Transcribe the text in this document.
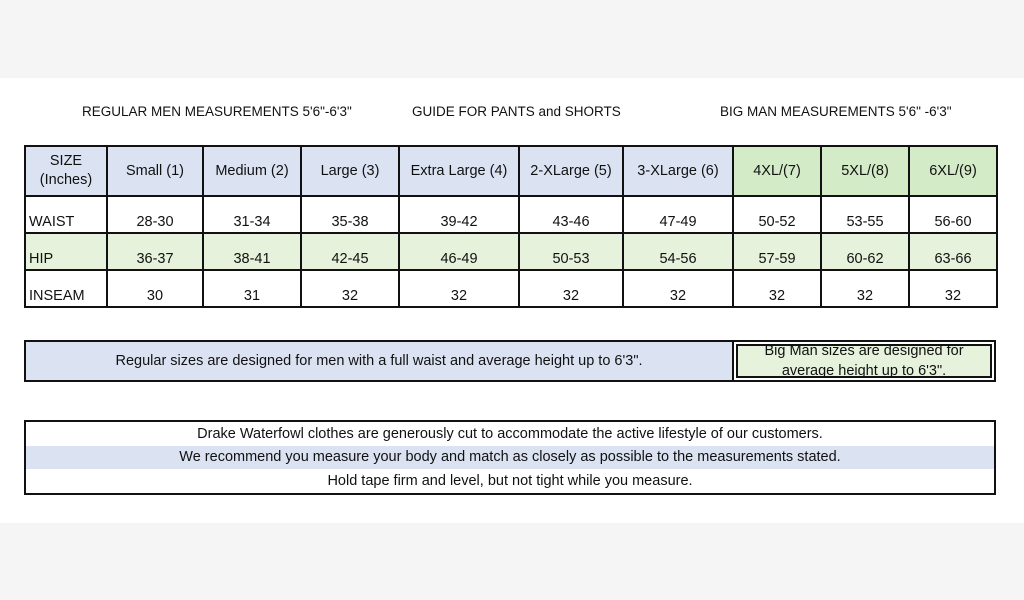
REGULAR MEN MEASUREMENTS 5'6"-6'3"	GUIDE FOR PANTS and SHORTS	BIG MAN MEASUREMENTS 5'6" -6'3"
SIZE
(Inches)	Small (1)	Medium (2)	Large (3)	Extra Large (4)	2-XLarge (5)	3-XLarge (6)	4XL/(7)	5XL/(8)	6XL/(9)
WAIST	28-30	31-34	35-38	39-42	43-46	47-49	50-52	53-55	56-60
HIP	36-37	38-41	42-45	46-49	50-53	54-56	57-59	60-62	63-66
INSEAM	30	31	32	32	32	32	32	32	32
Regular sizes are designed for men with a full waist and average height up to 6'3".
Big Man sizes are designed for
average height up to 6'3".
Drake Waterfowl clothes are generously cut to accommodate the active lifestyle of our customers.
We recommend you measure your body and match as closely as possible to the measurements stated.
Hold tape firm and level, but not tight while you measure.
